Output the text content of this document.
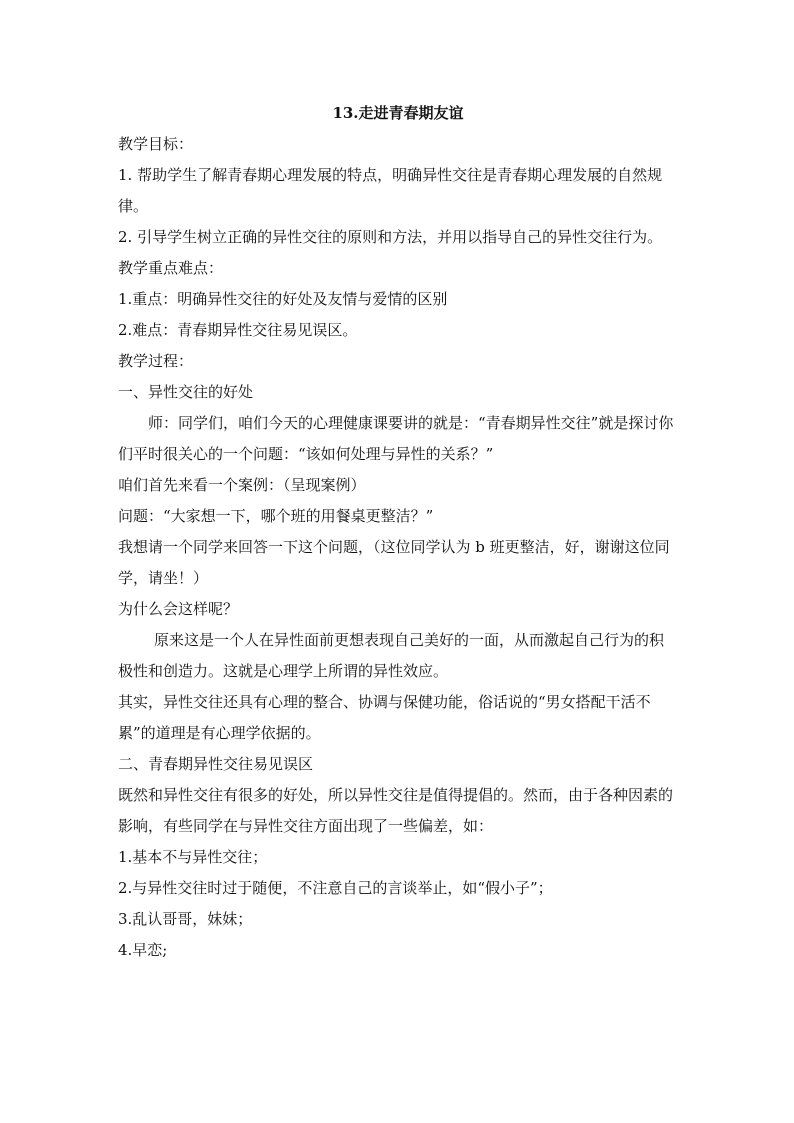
13.走进青春期友谊

教学目标：

1. 帮助学生了解青春期心理发展的特点，明确异性交往是青春期心理发展的自然规律。

2. 引导学生树立正确的异性交往的原则和方法，并用以指导自己的异性交往行为。

教学重点难点：

1.重点：明确异性交往的好处及友情与爱情的区别

2.难点：青春期异性交往易见误区。

教学过程：

一、异性交往的好处

师：同学们，咱们今天的心理健康课要讲的就是：“青春期异性交往”就是探讨你们平时很关心的一个问题：“该如何处理与异性的关系？”

咱们首先来看一个案例：（呈现案例）

问题：“大家想一下，哪个班的用餐桌更整洁？”

我想请一个同学来回答一下这个问题，（这位同学认为 b 班更整洁，好，谢谢这位同学，请坐！）

为什么会这样呢？

原来这是一个人在异性面前更想表现自己美好的一面，从而激起自己行为的积极性和创造力。这就是心理学上所谓的异性效应。

其实，异性交往还具有心理的整合、协调与保健功能，俗话说的“男女搭配干活不累”的道理是有心理学依据的。

二、青春期异性交往易见误区

既然和异性交往有很多的好处，所以异性交往是值得提倡的。然而，由于各种因素的影响，有些同学在与异性交往方面出现了一些偏差，如：

1.基本不与异性交往；

2.与异性交往时过于随便，不注意自己的言谈举止，如“假小子”；

3.乱认哥哥，妹妹；

4.早恋;
